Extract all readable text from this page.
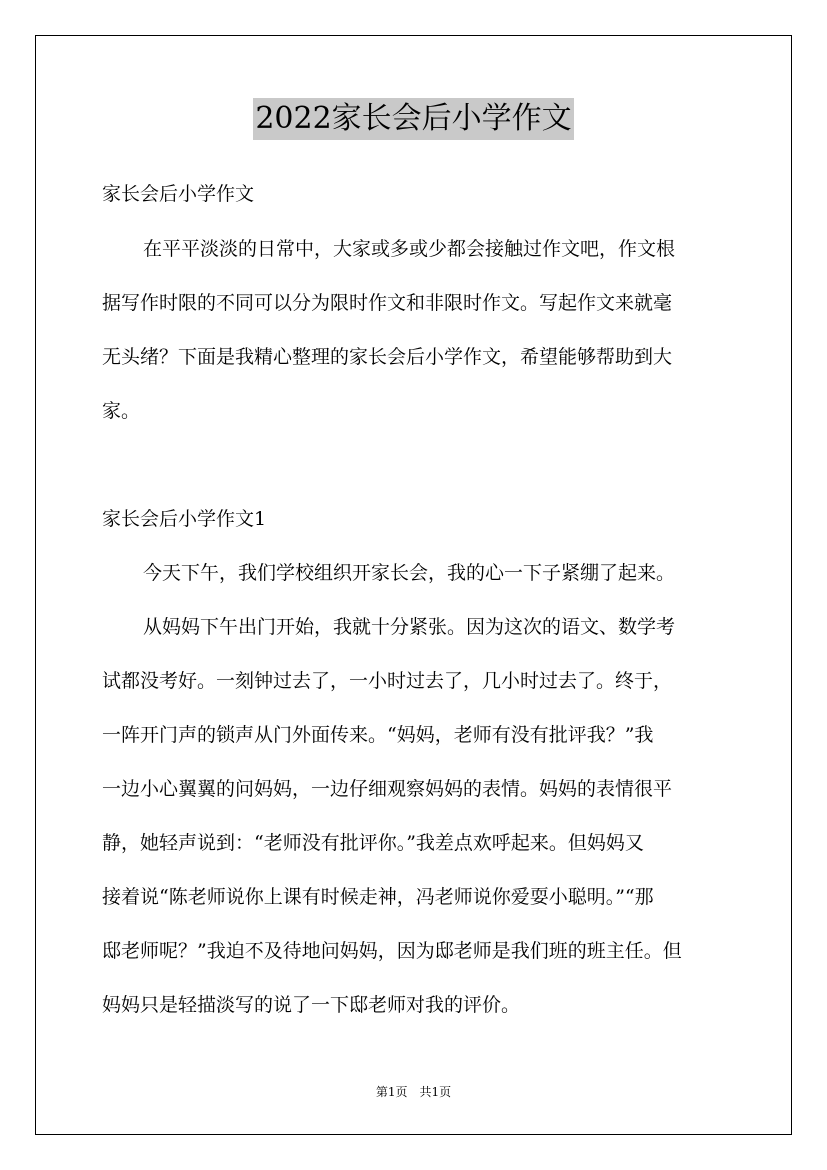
2022家长会后小学作文
家长会后小学作文
在平平淡淡的日常中，大家或多或少都会接触过作文吧，作文根
据写作时限的不同可以分为限时作文和非限时作文。写起作文来就毫
无头绪？下面是我精心整理的家长会后小学作文，希望能够帮助到大
家。
家长会后小学作文1
今天下午，我们学校组织开家长会，我的心一下子紧绷了起来。
从妈妈下午出门开始，我就十分紧张。因为这次的语文、数学考
试都没考好。一刻钟过去了，一小时过去了，几小时过去了。终于，
一阵开门声的锁声从门外面传来。“妈妈，老师有没有批评我？”我
一边小心翼翼的问妈妈，一边仔细观察妈妈的表情。妈妈的表情很平
静，她轻声说到：“老师没有批评你。”我差点欢呼起来。但妈妈又
接着说“陈老师说你上课有时候走神，冯老师说你爱耍小聪明。”“那
邸老师呢？”我迫不及待地问妈妈，因为邸老师是我们班的班主任。但
妈妈只是轻描淡写的说了一下邸老师对我的评价。
第1页　共1页
